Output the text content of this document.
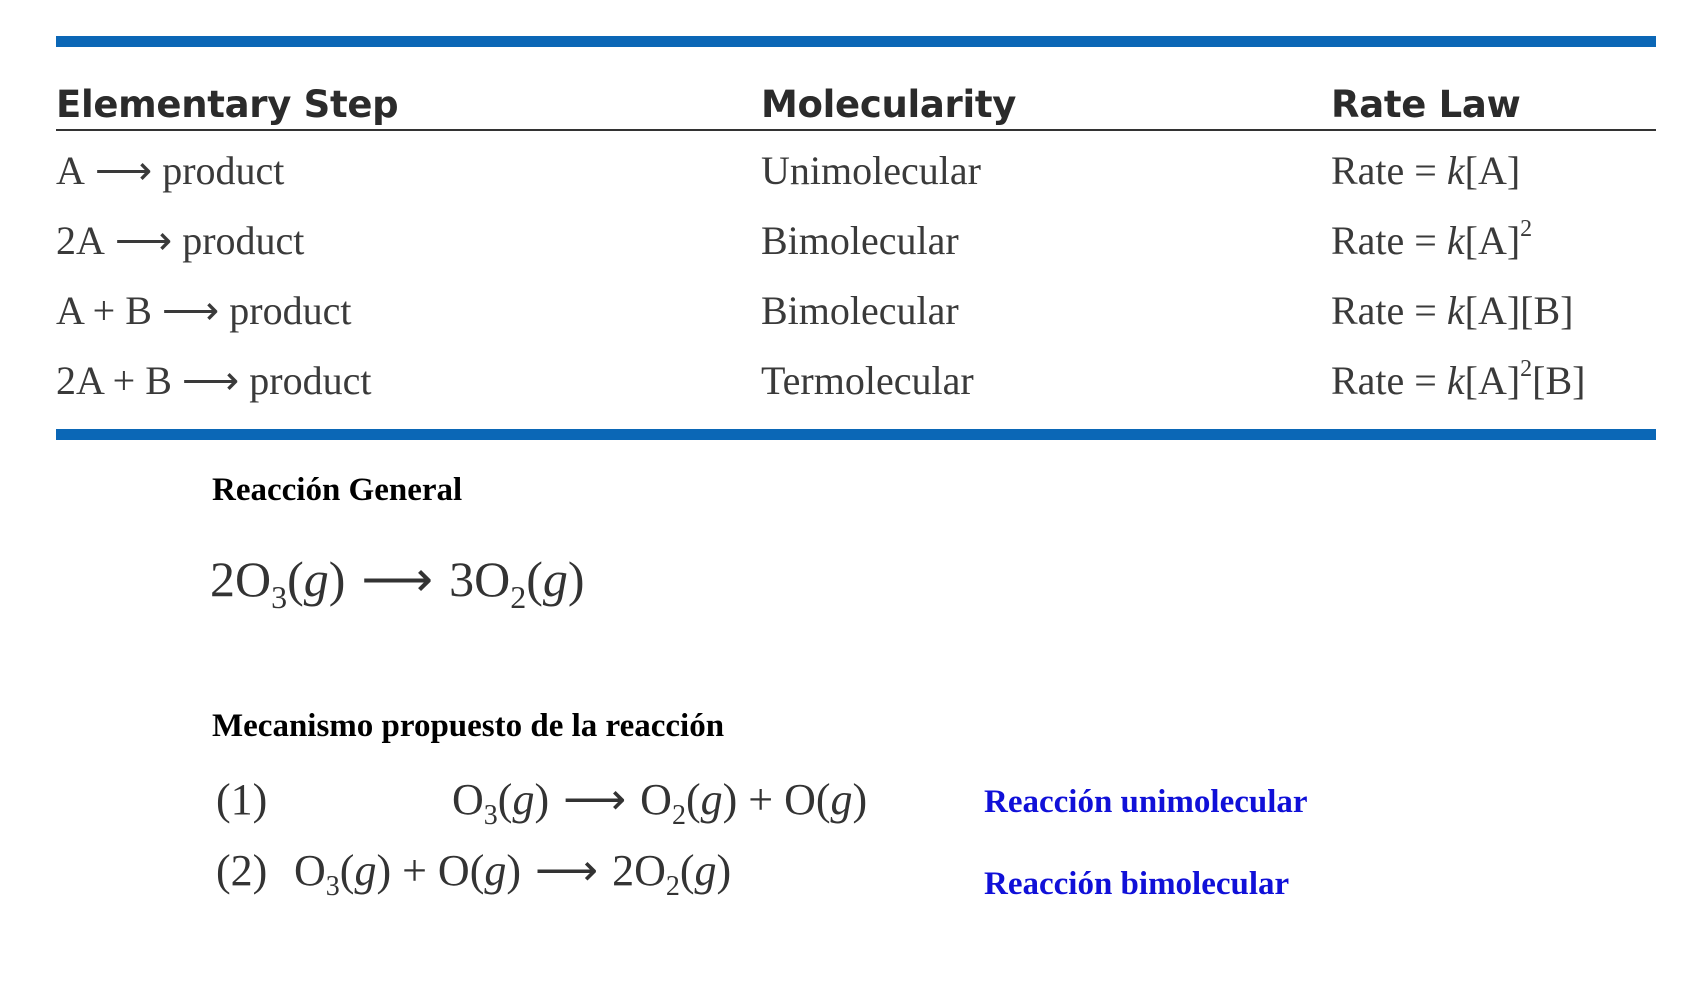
Elementary Step	Molecularity	Rate Law
A ⟶ product	Unimolecular	Rate = k[A]
2A ⟶ product	Bimolecular	Rate = $k[A]^2$
A + B ⟶ product	Bimolecular	Rate = k[A][B]
2A + B ⟶ product	Termolecular	Rate = $k[A]^2[B]$
Reacción General
$2O_3(g)$ ⟶ $3O_2(g)$
Mecanismo propuesto de la reacción
(1)	$O_3(g)$ ⟶ $O_2(g) + O(g)$	Reacción unimolecular
(2) $O_3(g) + O(g)$ ⟶ $2O_2(g)$	Reacción bimolecular
